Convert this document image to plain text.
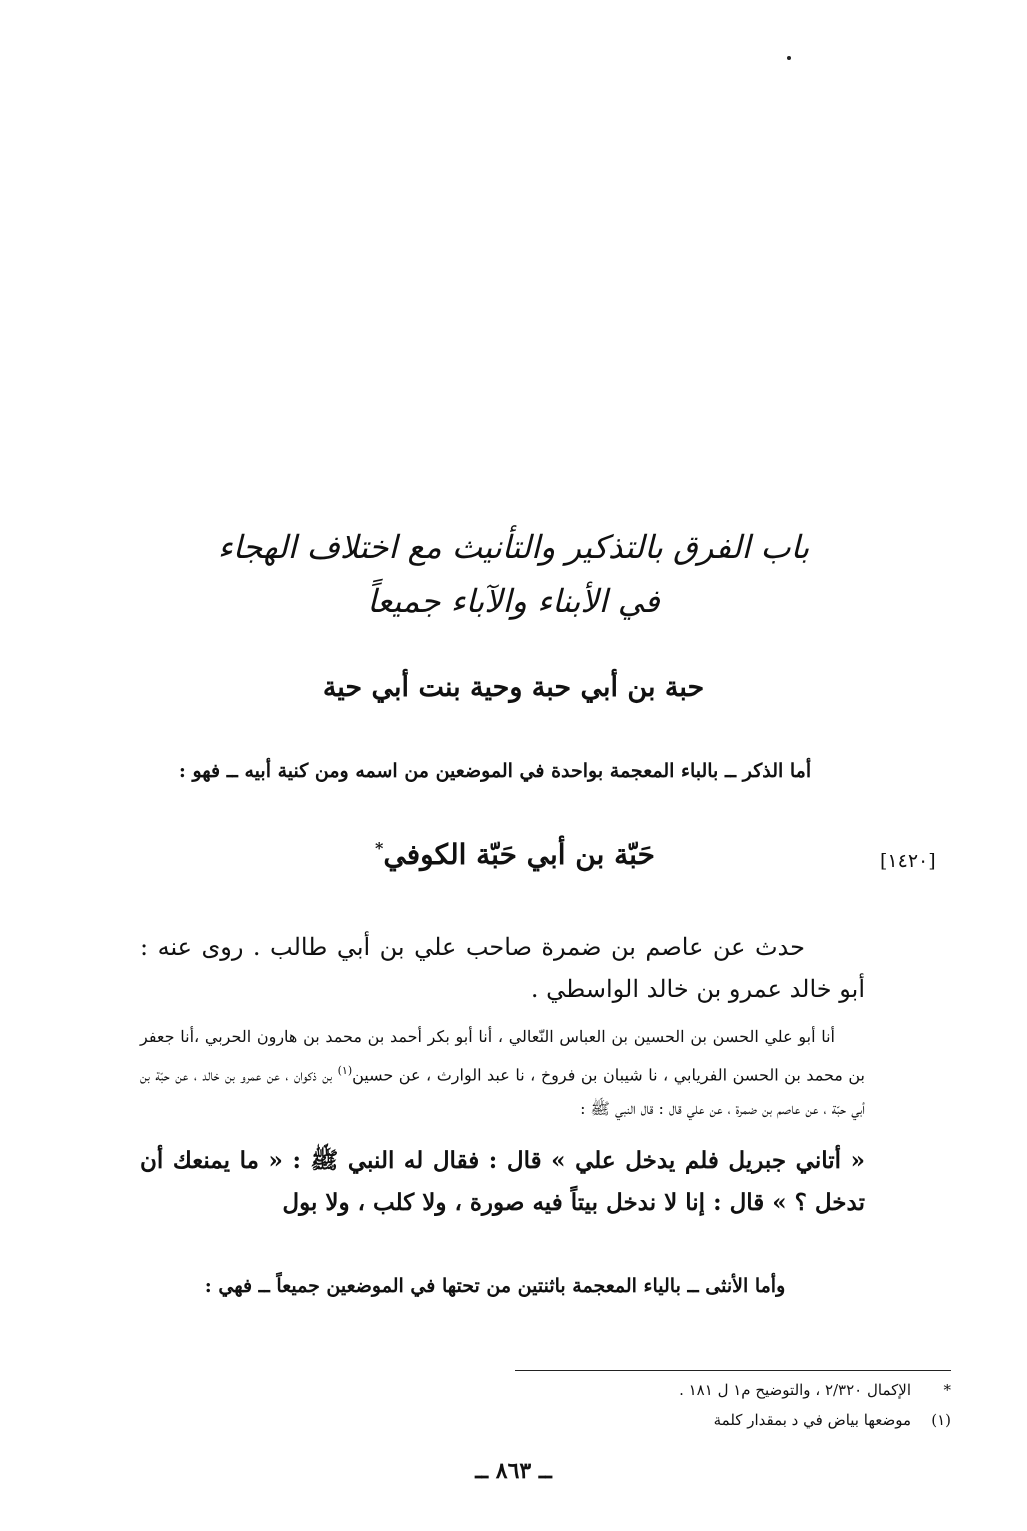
باب الفرق بالتذكير والتأنيث مع اختلاف الهجاء
في الأبناء والآباء جميعاً
حبة بن أبي حبة وحية بنت أبي حية
أما الذكر ــ بالباء المعجمة بواحدة في الموضعين من اسمه ومن كنية أبيه ــ فهو :
[١٤٢٠]
حَبّة بن أبي حَبّة الكوفي*

حدث عن عاصم بن ضمرة صاحب علي بن أبي طالب . روى عنه : أبو خالد عمرو بن خالد الواسطي .

أنا أبو علي الحسن بن الحسين بن العباس النّعالي ، أنا أبو بكر أحمد بن محمد بن هارون الحربي ،أنا جعفر بن محمد بن الحسن الفريابي ، نا شيبان بن فروخ ، نا عبد الوارث ، عن حسين$^{(١)}$ بن ذكوان ، عن عمرو بن خالد ، عن حبّة بن أبي حبّة ، عن عاصم بن ضمرة ، عن علي قال : قال النبي ﷺ :

« أتاني جبريل فلم يدخل علي » قال : فقال له النبي ﷺ : « ما يمنعك أن تدخل ؟ » قال : إنا لا ندخل بيتاً فيه صورة ، ولا كلب ، ولا بول

وأما الأنثى ــ بالياء المعجمة باثنتين من تحتها في الموضعين جميعاً ــ فهي :
*
الإكمال ٢/٣٢٠ ، والتوضيح م١ ل ١٨١ .
(١)
موضعها بياض في د بمقدار كلمة
ــ ٨٦٣ ــ
